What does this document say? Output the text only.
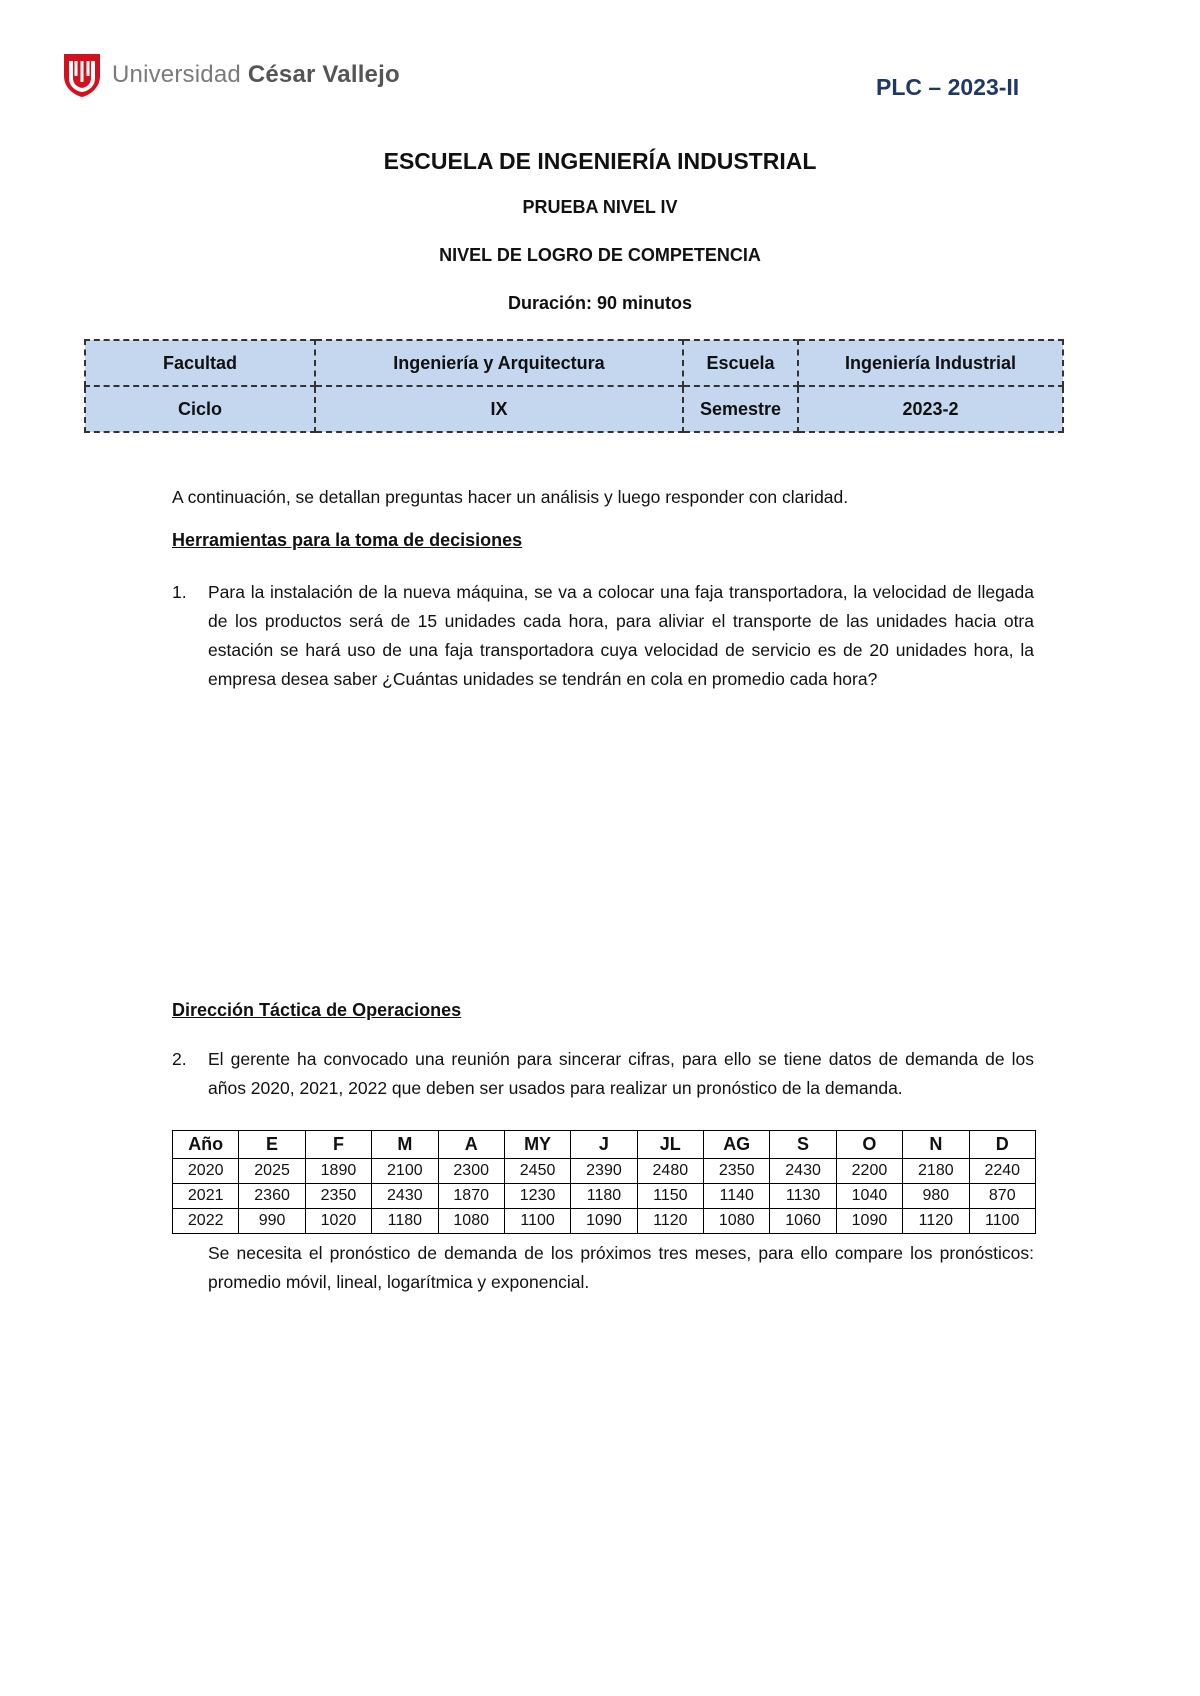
Universidad César Vallejo	PLC – 2023-II
ESCUELA DE INGENIERÍA INDUSTRIAL
PRUEBA NIVEL IV
NIVEL DE LOGRO DE COMPETENCIA
Duración: 90 minutos
Facultad	Ingeniería y Arquitectura	Escuela	Ingeniería Industrial
Ciclo	IX	Semestre	2023-2
A continuación, se detallan preguntas hacer un análisis y luego responder con claridad.
Herramientas para la toma de decisiones
1. Para la instalación de la nueva máquina, se va a colocar una faja transportadora, la velocidad de llegada de los productos será de 15 unidades cada hora, para aliviar el transporte de las unidades hacia otra estación se hará uso de una faja transportadora cuya velocidad de servicio es de 20 unidades hora, la empresa desea saber ¿Cuántas unidades se tendrán en cola en promedio cada hora?
Dirección Táctica de Operaciones
2. El gerente ha convocado una reunión para sincerar cifras, para ello se tiene datos de demanda de los años 2020, 2021, 2022 que deben ser usados para realizar un pronóstico de la demanda.
Año	E	F	M	A	MY	J	JL	AG	S	O	N	D
2020	2025	1890	2100	2300	2450	2390	2480	2350	2430	2200	2180	2240
2021	2360	2350	2430	1870	1230	1180	1150	1140	1130	1040	980	870
2022	990	1020	1180	1080	1100	1090	1120	1080	1060	1090	1120	1100
Se necesita el pronóstico de demanda de los próximos tres meses, para ello compare los pronósticos: promedio móvil, lineal, logarítmica y exponencial.
